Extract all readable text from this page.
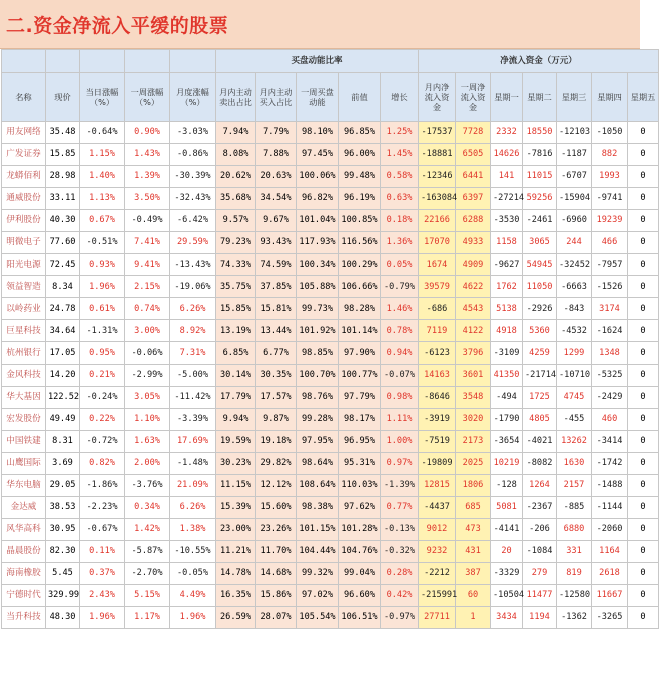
二.资金净流入平缓的股票
					买盘动能比率					净流入资金（万元）						
名称	现价	当日涨幅（%）	一周涨幅（%）	月度涨幅（%）	月内主动卖出占比	月内主动买入占比	一周买盘动能	前值	增长	月内净流入资金	一周净流入资金	星期一	星期二	星期三	星期四	星期五
用友网络	35.48	-0.64%	0.90%	-3.03%	7.94%	7.79%	98.10%	96.85%	1.25%	-17537	7728	2332	18550	-12103	-1050	0
广发证券	15.85	1.15%	1.43%	-0.86%	8.08%	7.88%	97.45%	96.00%	1.45%	-18881	6505	14626	-7816	-1187	882	0
龙蟒佰利	28.98	1.40%	1.39%	-30.39%	20.62%	20.63%	100.06%	99.48%	0.58%	-12346	6441	141	11015	-6707	1993	0
通威股份	33.11	1.13%	3.50%	-32.43%	35.68%	34.54%	96.82%	96.19%	0.63%	-163084	6397	-27214	59256	-15904	-9741	0
伊利股份	40.30	0.67%	-0.49%	-6.42%	9.57%	9.67%	101.04%	100.85%	0.18%	22166	6288	-3530	-2461	-6960	19239	0
明微电子	77.60	-0.51%	7.41%	29.59%	79.23%	93.43%	117.93%	116.56%	1.36%	17070	4933	1158	3065	244	466	0
阳光电源	72.45	0.93%	9.41%	-13.43%	74.33%	74.59%	100.34%	100.29%	0.05%	1674	4909	-9627	54945	-32452	-7957	0
领益智造	8.34	1.96%	2.15%	-19.06%	35.75%	37.85%	105.88%	106.66%	-0.79%	39579	4622	1762	11050	-6663	-1526	0
以岭药业	24.78	0.61%	0.74%	6.26%	15.85%	15.81%	99.73%	98.28%	1.46%	-686	4543	5138	-2926	-843	3174	0
巨星科技	34.64	-1.31%	3.00%	8.92%	13.19%	13.44%	101.92%	101.14%	0.78%	7119	4122	4918	5360	-4532	-1624	0
杭州银行	17.05	0.95%	-0.06%	7.31%	6.85%	6.77%	98.85%	97.90%	0.94%	-6123	3796	-3109	4259	1299	1348	0
金风科技	14.20	0.21%	-2.99%	-5.00%	30.14%	30.35%	100.70%	100.77%	-0.07%	14163	3601	41350	-21714	-10710	-5325	0
华大基因	122.52	-0.24%	3.05%	-11.42%	17.79%	17.57%	98.76%	97.79%	0.98%	-8646	3548	-494	1725	4745	-2429	0
宏发股份	49.49	0.22%	1.10%	-3.39%	9.94%	9.87%	99.28%	98.17%	1.11%	-3919	3020	-1790	4805	-455	460	0
中国铁建	8.31	-0.72%	1.63%	17.69%	19.59%	19.18%	97.95%	96.95%	1.00%	-7519	2173	-3654	-4021	13262	-3414	0
山鹰国际	3.69	0.82%	2.00%	-1.48%	30.23%	29.82%	98.64%	95.31%	0.97%	-19809	2025	10219	-8082	1630	-1742	0
华东电脑	29.05	-1.86%	-3.76%	21.09%	11.15%	12.12%	108.64%	110.03%	-1.39%	12815	1806	-128	1264	2157	-1488	0
金达威	38.53	-2.23%	0.34%	6.26%	15.39%	15.60%	98.38%	97.62%	0.77%	-4437	685	5081	-2367	-885	-1144	0
风华高科	30.95	-0.67%	1.42%	1.38%	23.00%	23.26%	101.15%	101.28%	-0.13%	9012	473	-4141	-206	6880	-2060	0
晶晨股份	82.30	0.11%	-5.87%	-10.55%	11.21%	11.70%	104.44%	104.76%	-0.32%	9232	431	20	-1084	331	1164	0
海南橡胶	5.45	0.37%	-2.70%	-0.05%	14.78%	14.68%	99.32%	99.04%	0.28%	-2212	387	-3329	279	819	2618	0
宁德时代	329.99	2.43%	5.15%	4.49%	16.35%	15.86%	97.02%	96.60%	0.42%	-215991	60	-10504	11477	-12580	11667	0
当升科技	48.30	1.96%	1.17%	1.96%	26.59%	28.07%	105.54%	106.51%	-0.97%	27711	1	3434	1194	-1362	-3265	0
